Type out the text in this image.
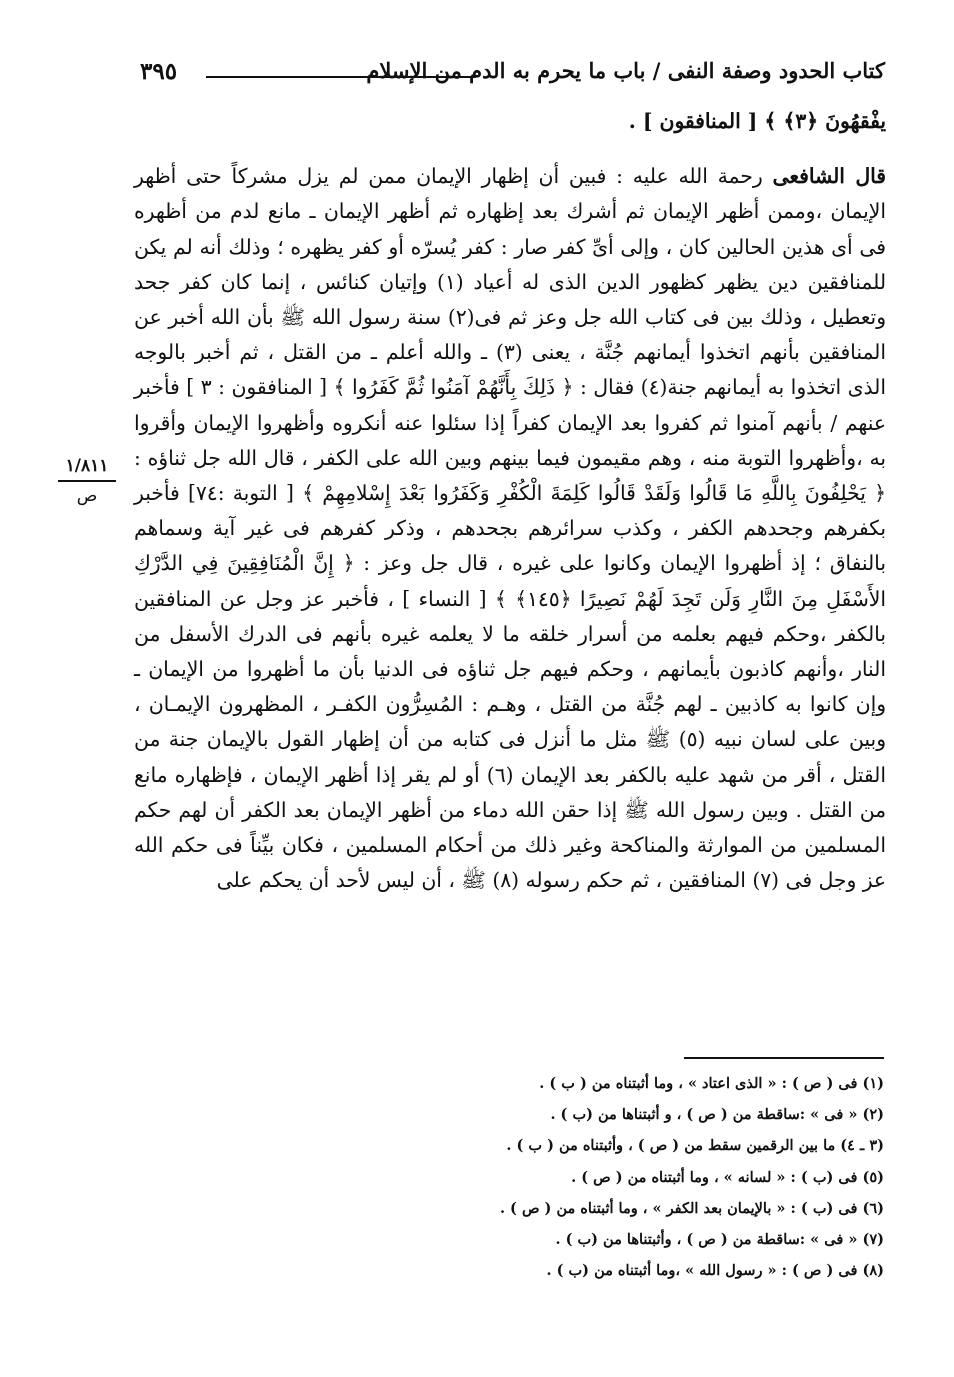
٣٩٥	كتاب الحدود وصفة النفى / باب ما يحرم به الدم من الإسلام
١/٨١١
ص

يفْقهُونَ ﴿٣﴾ ﴾ [ المنافقون ] .

قال الشافعى رحمة الله عليه : فبين أن إظهار الإيمان ممن لم يزل مشركاً حتى أظهر الإيمان ،وممن أظهر الإيمان ثم أشرك بعد إظهاره ثم أظهر الإيمان ـ مانع لدم من أظهره فى أى هذين الحالين كان ، وإلى أىِّ كفر صار : كفر يُسرّه أو كفر يظهره ؛ وذلك أنه لم يكن للمنافقين دين يظهر كظهور الدين الذى له أعياد (١) وإتيان كنائس ، إنما كان كفر جحد وتعطيل ، وذلك بين فى كتاب الله جل وعز ثم فى(٢) سنة رسول الله ﷺ بأن الله أخبر عن المنافقين بأنهم اتخذوا أيمانهم جُنَّة ، يعنى (٣) ـ والله أعلم ـ من القتل ، ثم أخبر بالوجه الذى اتخذوا به أيمانهم جنة(٤) فقال : ﴿ ذَلِكَ بِأَنَّهُمْ آمَنُوا ثُمَّ كَفَرُوا ﴾ [ المنافقون : ٣ ] فأخبر عنهم / بأنهم آمنوا ثم كفروا بعد الإيمان كفراً إذا سئلوا عنه أنكروه وأظهروا الإيمان وأقروا به ،وأظهروا التوبة منه ، وهم مقيمون فيما بينهم وبين الله على الكفر ، قال الله جل ثناؤه : ﴿ يَحْلِفُونَ بِاللَّهِ مَا قَالُوا وَلَقَدْ قَالُوا كَلِمَةَ الْكُفْرِ وَكَفَرُوا بَعْدَ إِسْلامِهِمْ ﴾ [ التوبة :٧٤] فأخبر بكفرهم وجحدهم الكفر ، وكذب سرائرهم بجحدهم ، وذكر كفرهم فى غير آية وسماهم بالنفاق ؛ إذ أظهروا الإيمان وكانوا على غيره ، قال جل وعز : ﴿ إِنَّ الْمُنَافِقِينَ فِي الدَّرْكِ الأَسْفَلِ مِنَ النَّارِ وَلَن تَجِدَ لَهُمْ نَصِيرًا ﴿١٤٥﴾ ﴾ [ النساء ] ، فأخبر عز وجل عن المنافقين بالكفر ،وحكم فيهم بعلمه من أسرار خلقه ما لا يعلمه غيره بأنهم فى الدرك الأسفل من النار ،وأنهم كاذبون بأيمانهم ، وحكم فيهم جل ثناؤه فى الدنيا بأن ما أظهروا من الإيمان ـ وإن كانوا به كاذبين ـ لهم جُنَّة من القتل ، وهـم : المُسِرُّون الكفـر ، المظهرون الإيمـان ، وبين على لسان نبيه (٥) ﷺ مثل ما أنزل فى كتابه من أن إظهار القول بالإيمان جنة من القتل ، أقر من شهد عليه بالكفر بعد الإيمان (٦) أو لم يقر إذا أظهر الإيمان ، فإظهاره مانع من القتل . وبين رسول الله ﷺ إذا حقن الله دماء من أظهر الإيمان بعد الكفر أن لهم حكم المسلمين من الموارثة والمناكحة وغير ذلك من أحكام المسلمين ، فكان بيِّناً فى حكم الله عز وجل فى (٧) المنافقين ، ثم حكم رسوله (٨) ﷺ ، أن ليس لأحد أن يحكم على

(١) فى ( ص ) : « الذى اعتاد » ، وما أثبتناه من ( ب ) .
(٢) « فى » :ساقطة من ( ص ) ، و أثبتناها من (ب ) .
(٣ ـ ٤) ما بين الرقمين سقط من ( ص ) ، وأثبتناه من ( ب ) .
(٥) فى (ب ) : « لسانه » ، وما أثبتناه من ( ص ) .
(٦) فى (ب ) : « بالإيمان بعد الكفر » ، وما أثبتناه من ( ص ) .
(٧) « فى » :ساقطة من ( ص ) ، وأثبتناها من (ب ) .
(٨) فى ( ص ) : « رسول الله » ،وما أثبتناه من (ب ) .
